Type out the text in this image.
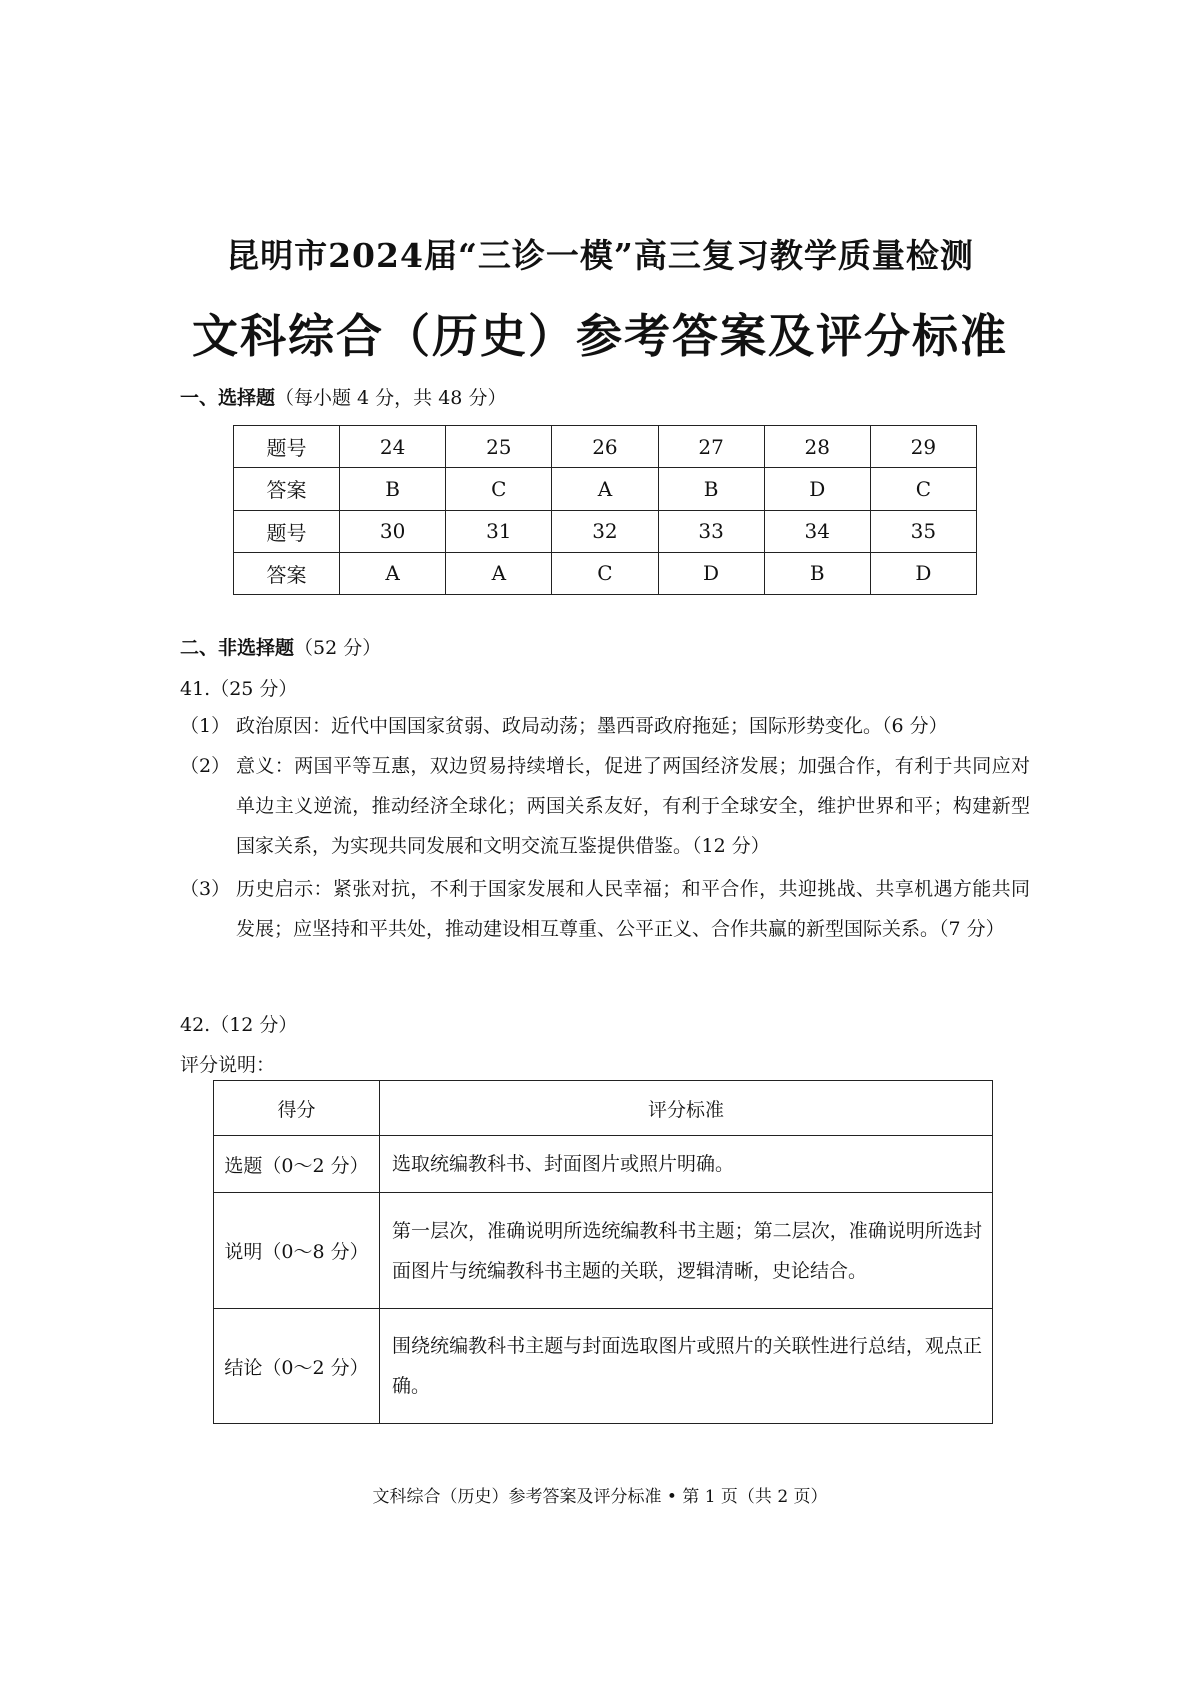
昆明市2024届“三诊一模”高三复习教学质量检测
文科综合（历史）参考答案及评分标准
一、选择题（每小题 4 分，共 48 分）
题号	24	25	26	27	28	29
答案	B	C	A	B	D	C
题号	30	31	32	33	34	35
答案	A	A	C	D	B	D
二、非选择题（52 分）
41.（25 分）
（1） 政治原因：近代中国国家贫弱、政局动荡；墨西哥政府拖延；国际形势变化。（6 分）
（2） 意义：两国平等互惠，双边贸易持续增长，促进了两国经济发展；加强合作，有利于共同应对单边主义逆流，推动经济全球化；两国关系友好，有利于全球安全，维护世界和平；构建新型国家关系，为实现共同发展和文明交流互鉴提供借鉴。（12 分）
（3） 历史启示：紧张对抗，不利于国家发展和人民幸福；和平合作，共迎挑战、共享机遇方能共同发展；应坚持和平共处，推动建设相互尊重、公平正义、合作共赢的新型国际关系。（7 分）
42.（12 分）
评分说明：
得分	评分标准
选题（0～2 分）	选取统编教科书、封面图片或照片明确。
说明（0～8 分）	第一层次，准确说明所选统编教科书主题；第二层次，准确说明所选封面图片与统编教科书主题的关联，逻辑清晰，史论结合。
结论（0～2 分）	围绕统编教科书主题与封面选取图片或照片的关联性进行总结，观点正确。
文科综合（历史）参考答案及评分标准 • 第 1 页（共 2 页）
